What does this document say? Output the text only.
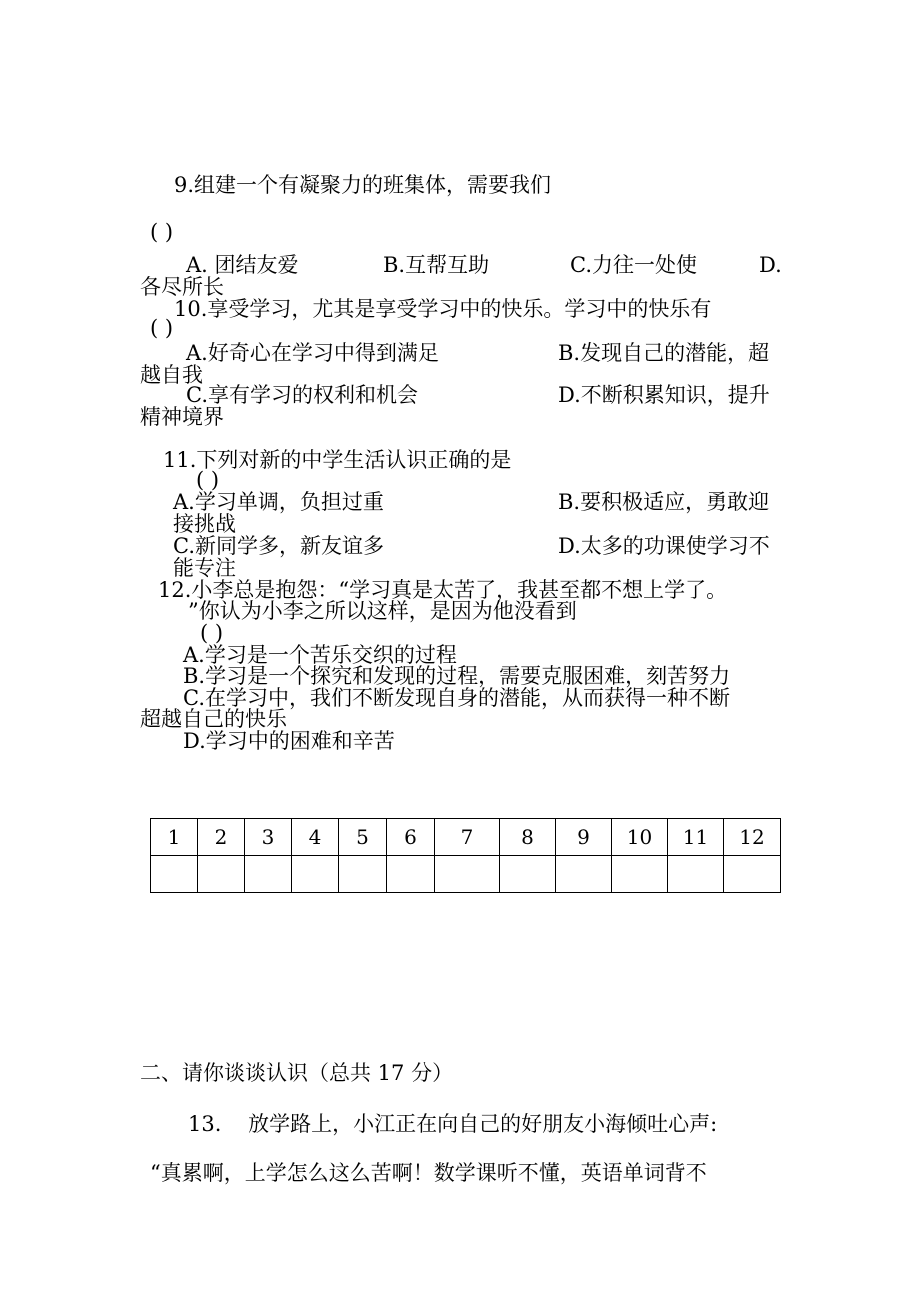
9.组建一个有凝聚力的班集体，需要我们
( )
A. 团结友爱	B.互帮互助	C.力往一处使	D.
各尽所长
10.享受学习，尤其是享受学习中的快乐。学习中的快乐有
( )
A.好奇心在学习中得到满足	B.发现自己的潜能，超
越自我
C.享有学习的权利和机会	D.不断积累知识，提升
精神境界
11.下列对新的中学生活认识正确的是
( )
A.学习单调，负担过重	B.要积极适应，勇敢迎
接挑战
C.新同学多，新友谊多	D.太多的功课使学习不
能专注
12.小李总是抱怨：“学习真是太苦了，我甚至都不想上学了。
”你认为小李之所以这样，是因为他没看到
( )
A.学习是一个苦乐交织的过程
B.学习是一个探究和发现的过程，需要克服困难，刻苦努力
C.在学习中，我们不断发现自身的潜能，从而获得一种不断
超越自己的快乐
D.学习中的困难和辛苦
1	2	3	4	5	6	7	8	9	10	11	12

二、请你谈谈认识（总共 17 分）
13.    放学路上，小江正在向自己的好朋友小海倾吐心声:
“真累啊，上学怎么这么苦啊！数学课听不懂，英语单词背不
